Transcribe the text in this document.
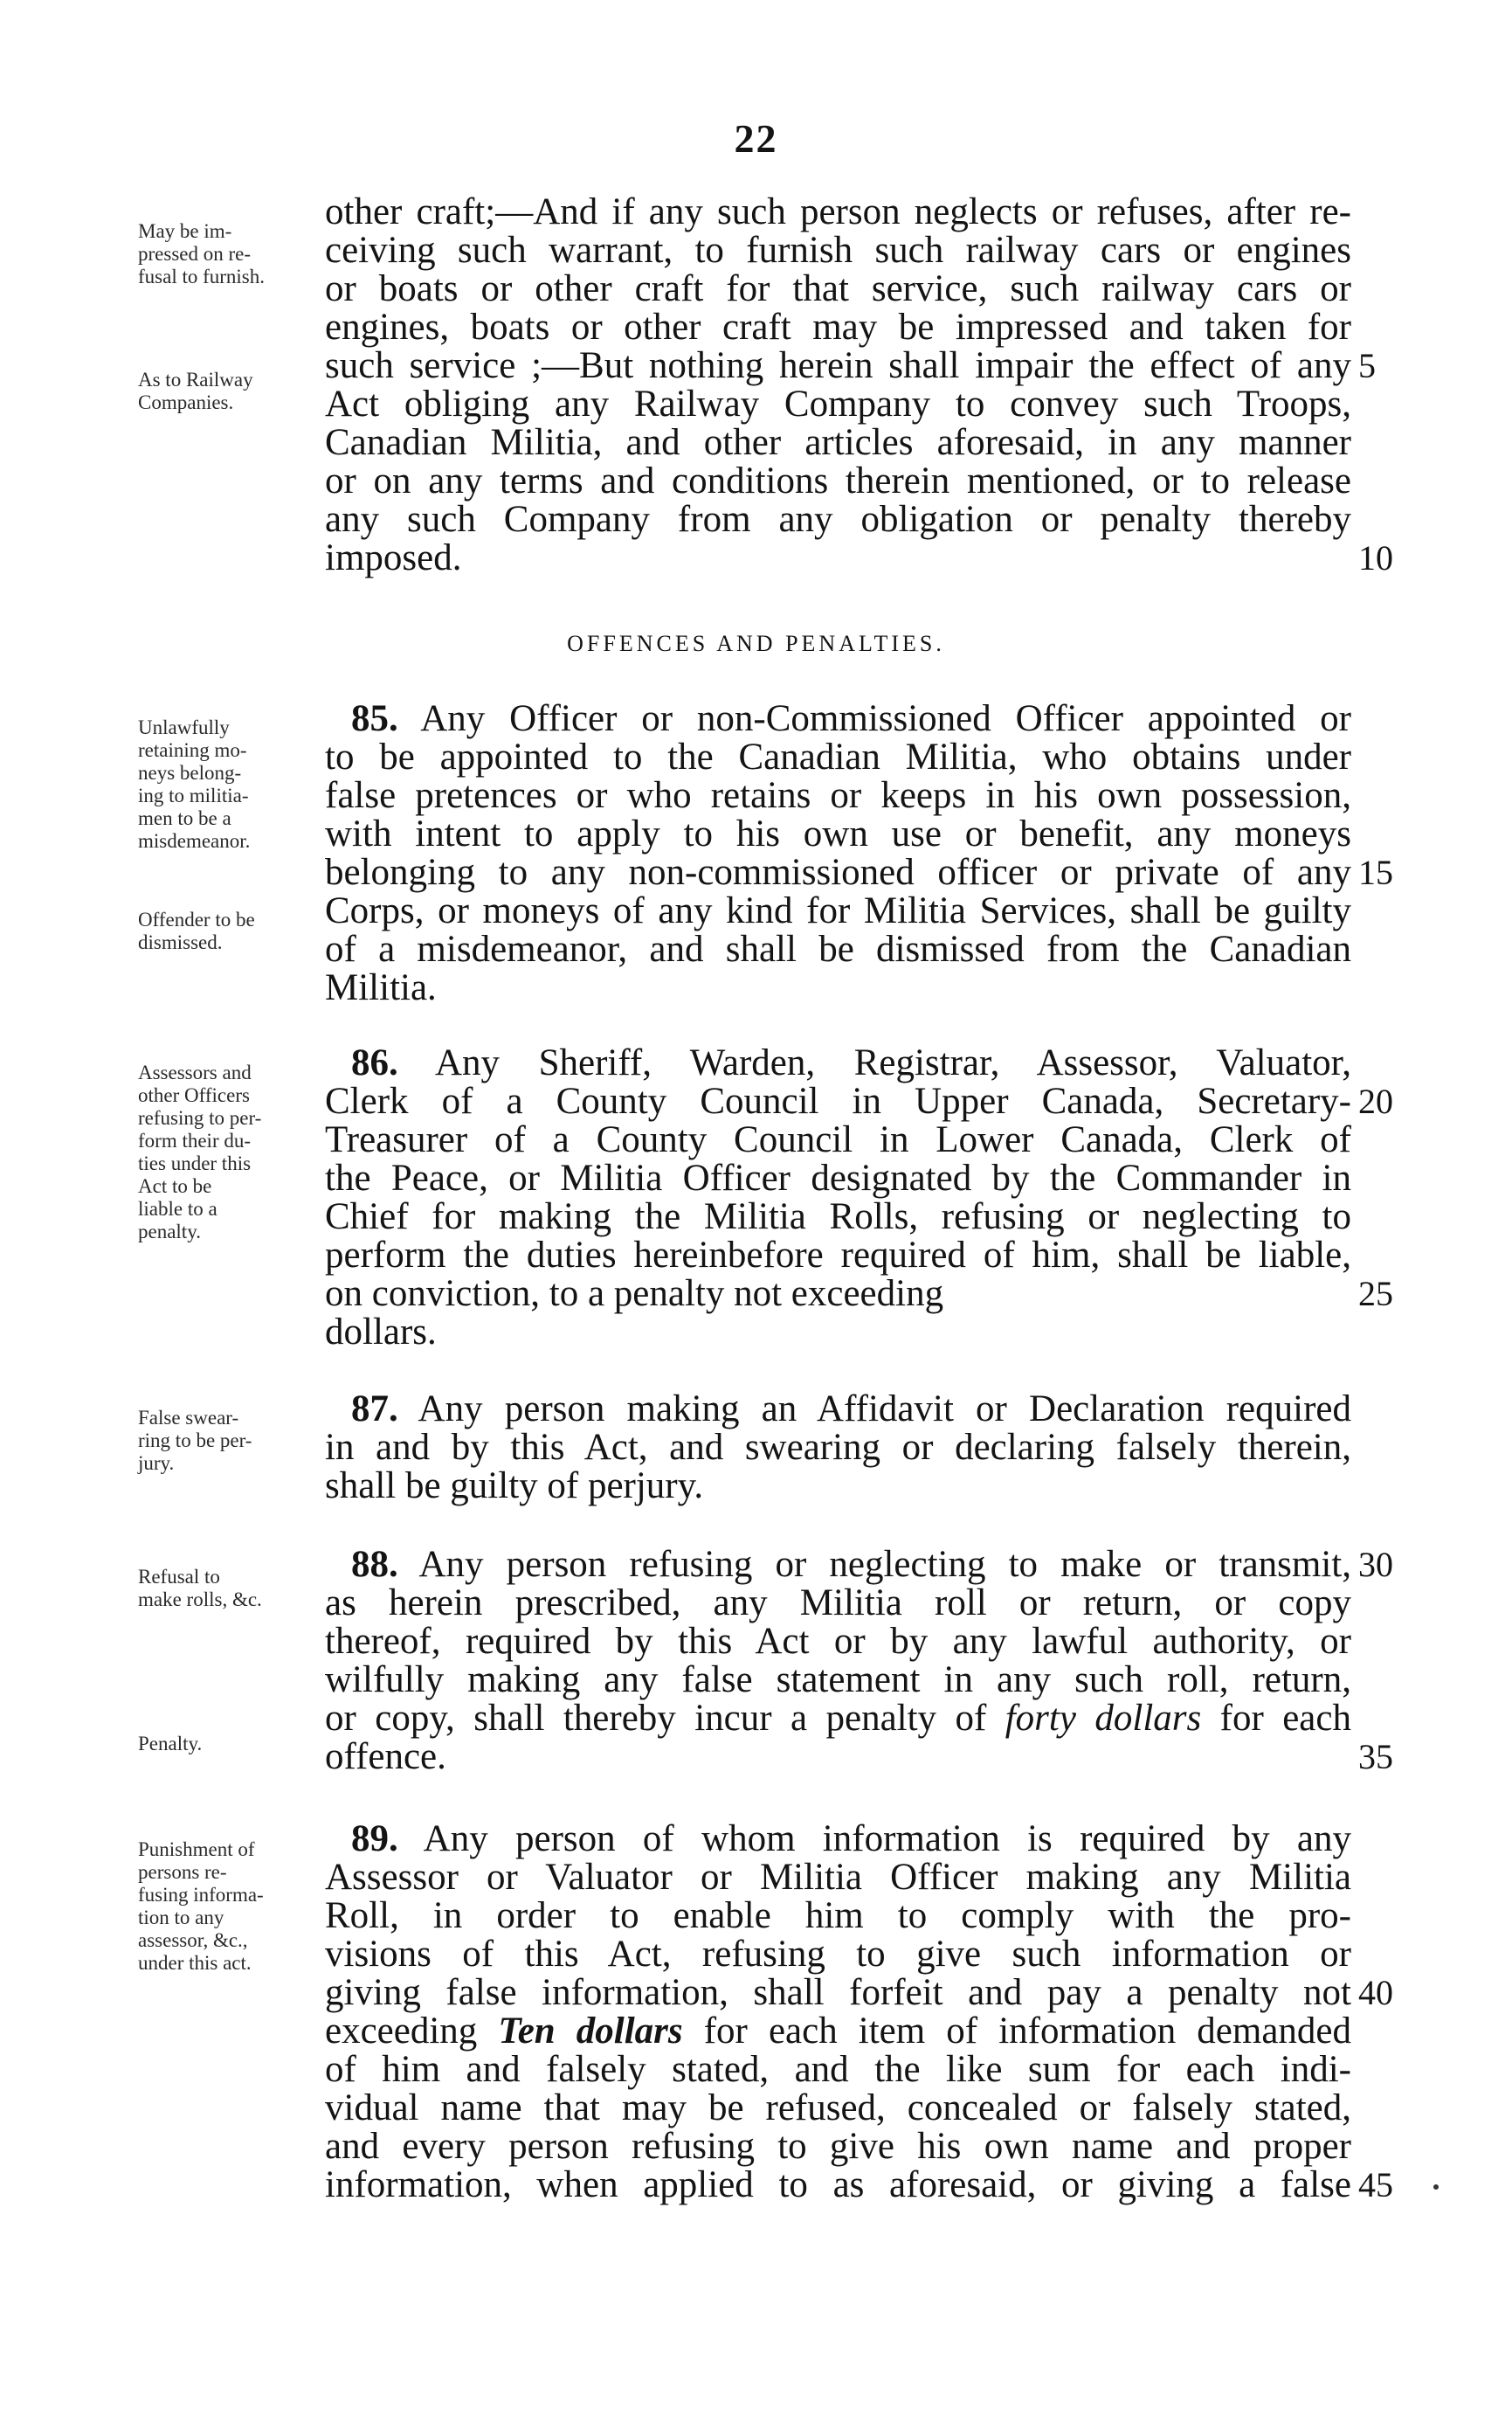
22
May be im-
pressed on re-
fusal to furnish.
As to Railway
Companies.
Unlawfully
retaining mo-
neys belong-
ing to militia-
men to be a
misdemeanor.
Offender to be
dismissed.
Assessors and
other Officers
refusing to per-
form their du-
ties under this
Act to be
liable to a
penalty.
False swear-
ring to be per-
jury.
Refusal to
make rolls, &c.
Penalty.
Punishment of
persons re-
fusing informa-
tion to any
assessor, &c.,
under this act.
other craft;—And if any such person neglects or refuses, after re-
ceiving such warrant, to furnish such railway cars or engines
or boats or other craft for that service, such railway cars or
engines, boats or other craft may be impressed and taken for
such service ;—But nothing herein shall impair the effect of any
Act obliging any Railway Company to convey such Troops,
Canadian Militia, and other articles aforesaid, in any manner
or on any terms and conditions therein mentioned, or to release
any such Company from any obligation or penalty thereby
imposed.
OFFENCES AND PENALTIES.
85. Any Officer or non-Commissioned Officer appointed or
to be appointed to the Canadian Militia, who obtains under
false pretences or who retains or keeps in his own possession,
with intent to apply to his own use or benefit, any moneys
belonging to any non-commissioned officer or private of any
Corps, or moneys of any kind for Militia Services, shall be guilty
of a misdemeanor, and shall be dismissed from the Canadian
Militia.
86. Any Sheriff, Warden, Registrar, Assessor, Valuator,
Clerk of a County Council in Upper Canada, Secretary-
Treasurer of a County Council in Lower Canada, Clerk of
the Peace, or Militia Officer designated by the Commander in
Chief for making the Militia Rolls, refusing or neglecting to
perform the duties hereinbefore required of him, shall be liable,
on conviction, to a penalty not exceeding
dollars.
87. Any person making an Affidavit or Declaration required
in and by this Act, and swearing or declaring falsely therein,
shall be guilty of perjury.
88. Any person refusing or neglecting to make or transmit,
as herein prescribed, any Militia roll or return, or copy
thereof, required by this Act or by any lawful authority, or
wilfully making any false statement in any such roll, return,
or copy, shall thereby incur a penalty of forty dollars for each
offence.
89. Any person of whom information is required by any
Assessor or Valuator or Militia Officer making any Militia
Roll, in order to enable him to comply with the pro-
visions of this Act, refusing to give such information or
giving false information, shall forfeit and pay a penalty not
exceeding Ten dollars for each item of information demanded
of him and falsely stated, and the like sum for each indi-
vidual name that may be refused, concealed or falsely stated,
and every person refusing to give his own name and proper
information, when applied to as aforesaid, or giving a false
5
10
15
20
25
30
35
40
45
